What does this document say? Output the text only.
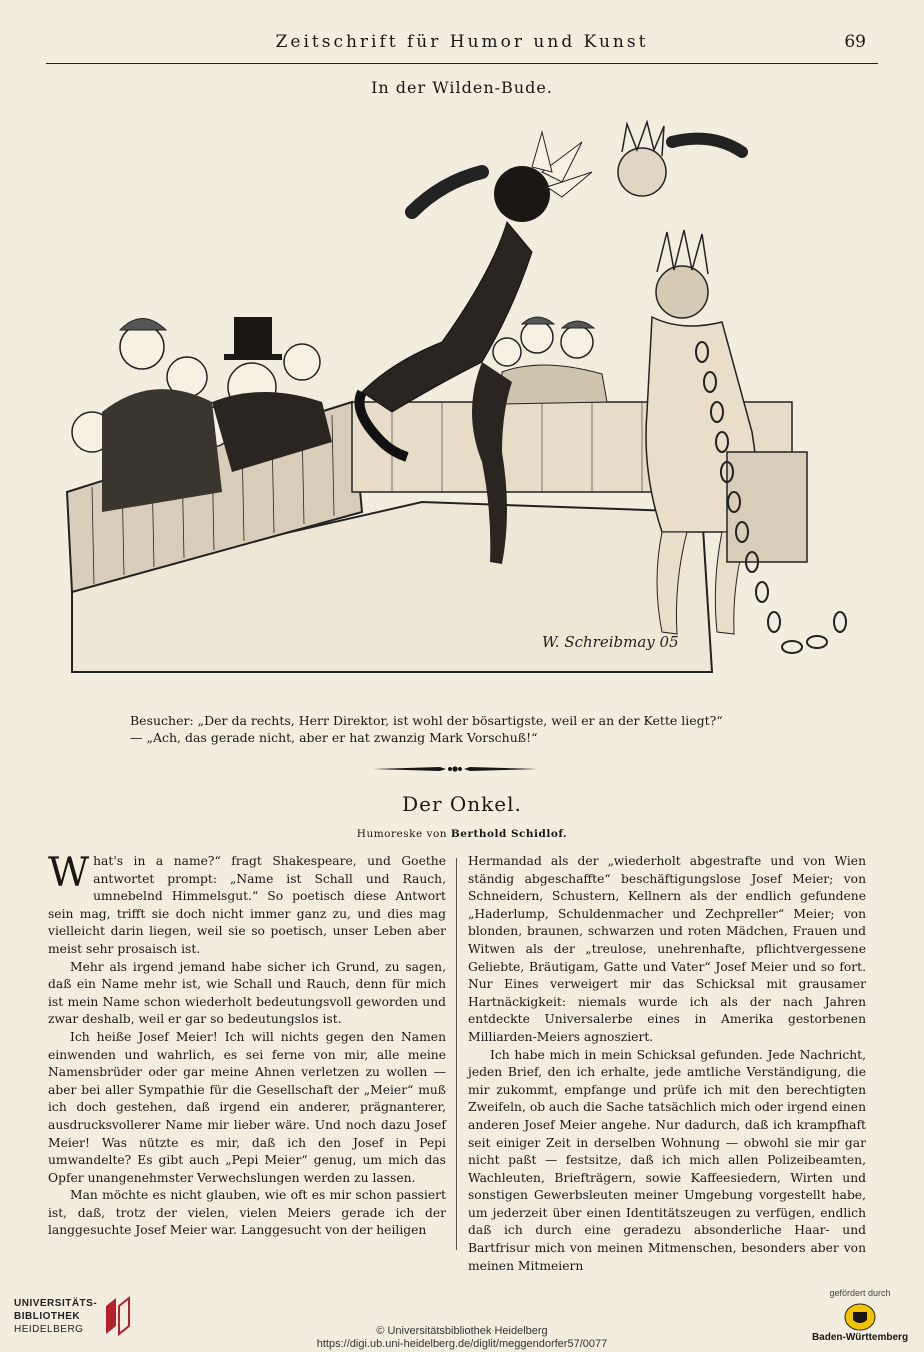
Zeitschrift für Humor und Kunst	69
In der Wilden-Bude.
W. Schreibmay 05
Besucher: „Der da rechts, Herr Direktor, ist wohl der bösartigste, weil er an der Kette liegt?“
— „Ach, das gerade nicht, aber er hat zwanzig Mark Vorschuß!“
Der Onkel.
Humoreske von Berthold Schidlof.

What's in a name?“ fragt Shakespeare, und Goethe antwortet prompt: „Name ist Schall und Rauch, umnebelnd Himmelsgut.“ So poetisch diese Antwort sein mag, trifft sie doch nicht immer ganz zu, und dies mag vielleicht darin liegen, weil sie so poetisch, unser Leben aber meist sehr prosaisch ist.

Mehr als irgend jemand habe sicher ich Grund, zu sagen, daß ein Name mehr ist, wie Schall und Rauch, denn für mich ist mein Name schon wiederholt bedeutungsvoll geworden und zwar deshalb, weil er gar so bedeutungslos ist.

Ich heiße Josef Meier! Ich will nichts gegen den Namen einwenden und wahrlich, es sei ferne von mir, alle meine Namensbrüder oder gar meine Ahnen verletzen zu wollen — aber bei aller Sympathie für die Gesellschaft der „Meier“ muß ich doch gestehen, daß irgend ein anderer, prägnanterer, ausdrucksvollerer Name mir lieber wäre. Und noch dazu Josef Meier! Was nützte es mir, daß ich den Josef in Pepi umwandelte? Es gibt auch „Pepi Meier“ genug, um mich das Opfer unangenehmster Verwechslungen werden zu lassen.

Man möchte es nicht glauben, wie oft es mir schon passiert ist, daß, trotz der vielen, vielen Meiers gerade ich der langgesuchte Josef Meier war. Langgesucht von der heiligen

Hermandad als der „wiederholt abgestrafte und von Wien ständig abgeschaffte“ beschäftigungslose Josef Meier; von Schneidern, Schustern, Kellnern als der endlich gefundene „Haderlump, Schuldenmacher und Zechpreller“ Meier; von blonden, braunen, schwarzen und roten Mädchen, Frauen und Witwen als der „treulose, unehrenhafte, pflichtvergessene Geliebte, Bräutigam, Gatte und Vater“ Josef Meier und so fort. Nur Eines verweigert mir das Schicksal mit grausamer Hartnäckigkeit: niemals wurde ich als der nach Jahren entdeckte Universalerbe eines in Amerika gestorbenen Milliarden-Meiers agnosziert.

Ich habe mich in mein Schicksal gefunden. Jede Nachricht, jeden Brief, den ich erhalte, jede amtliche Verständigung, die mir zukommt, empfange und prüfe ich mit den berechtigten Zweifeln, ob auch die Sache tatsächlich mich oder irgend einen anderen Josef Meier angehe. Nur dadurch, daß ich krampfhaft seit einiger Zeit in derselben Wohnung — obwohl sie mir gar nicht paßt — festsitze, daß ich mich allen Polizeibeamten, Wachleuten, Briefträgern, sowie Kaffeesiedern, Wirten und sonstigen Gewerbsleuten meiner Umgebung vorgestellt habe, um jederzeit über einen Identitätszeugen zu verfügen, endlich daß ich durch eine geradezu absonderliche Haar- und Bartfrisur mich von meinen Mitmenschen, besonders aber von meinen Mitmeiern

UNIVERSITÄTS-
BIBLIOTHEK
HEIDELBERG	© Universitätsbibliothek Heidelberg
https://digi.ub.uni-heidelberg.de/diglit/meggendorfer57/0077
gefördert durch
Baden-Württemberg
